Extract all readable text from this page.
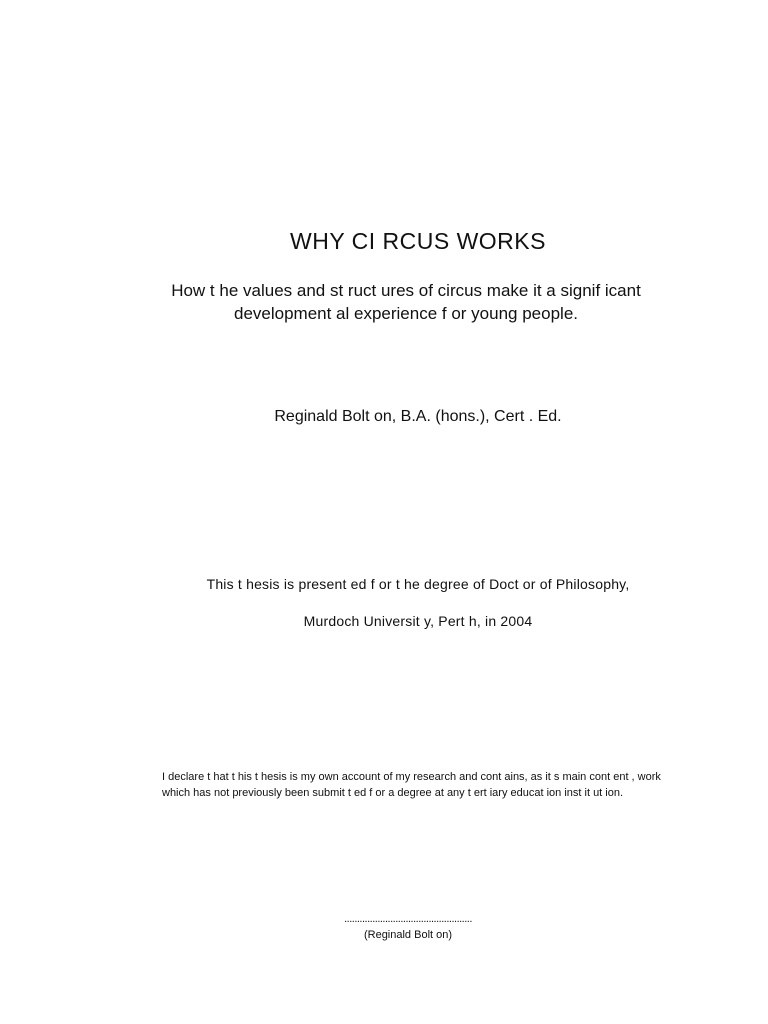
WHY CI RCUS WORKS
How t he values and st ruct ures of circus make it a signif icant
development al experience f or young people.
Reginald Bolt on, B.A. (hons.), Cert . Ed.
This t hesis is present ed f or t he degree of Doct or of Philosophy,
Murdoch Universit y, Pert h, in 2004
I declare t hat t his t hesis is my own account of my research and cont ains, as it s main cont ent , work
which has not previously been submit t ed f or a degree at any t ert iary educat ion inst it ut ion.
..................................................
(Reginald Bolt on)
